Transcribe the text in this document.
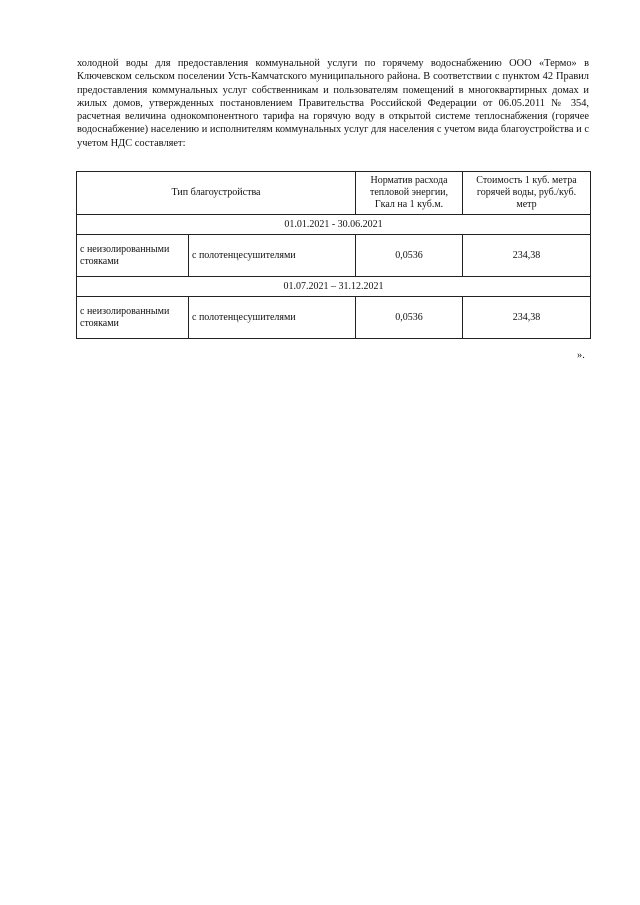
холодной воды для предоставления коммунальной услуги по горячему водоснабжению ООО «Термо» в Ключевском сельском поселении Усть-Камчатского муниципального района. В соответствии с пунктом 42 Правил предоставления коммунальных услуг собственникам и пользователям помещений в многоквартирных домах и жилых домов, утвержденных постановлением Правительства Российской Федерации от 06.05.2011 № 354, расчетная величина однокомпонентного тарифа на горячую воду в открытой системе теплоснабжения (горячее водоснабжение) населению и исполнителям коммунальных услуг для населения с учетом вида благоустройства и с учетом НДС составляет:

Тип благоустройства		Норматив расхода тепловой энергии, Гкал на 1 куб.м.	Стоимость 1 куб. метра горячей воды, руб./куб. метр
01.01.2021 - 30.06.2021			
с неизолированными стояками	с полотенцесушителями	0,0536	234,38
01.07.2021 – 31.12.2021			
с неизолированными стояками	с полотенцесушителями	0,0536	234,38
».
